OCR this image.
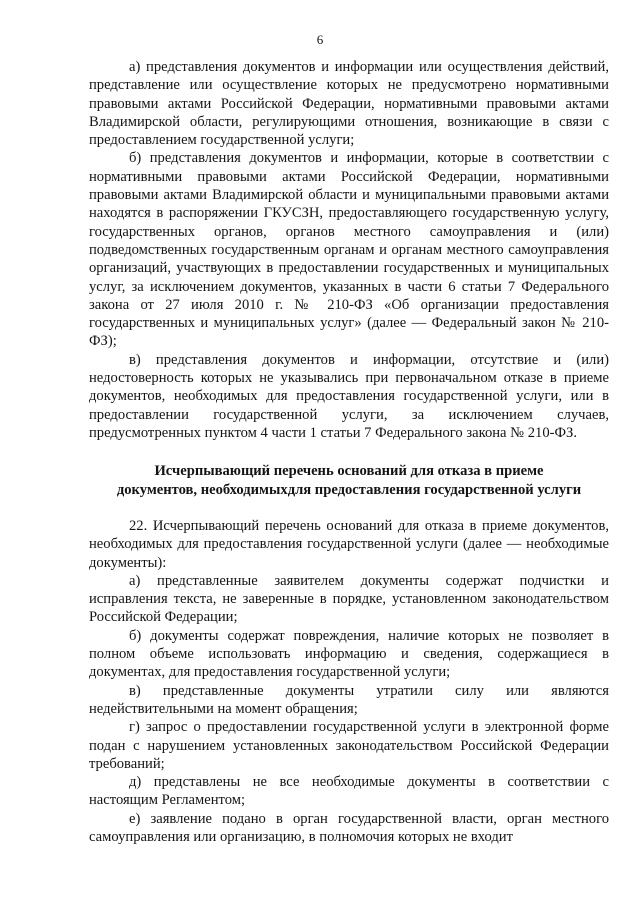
6

а) представления документов и информации или осуществления действий, представление или осуществление которых не предусмотрено нормативными правовыми актами Российской Федерации, нормативными правовыми актами Владимирской области, регулирующими отношения, возникающие в связи с предоставлением государственной услуги;

б) представления документов и информации, которые в соответствии с нормативными правовыми актами Российской Федерации, нормативными правовыми актами Владимирской области и муниципальными правовыми актами находятся в распоряжении ГКУСЗН, предоставляющего государственную услугу, государственных органов, органов местного самоуправления и (или) подведомственных государственным органам и органам местного самоуправления организаций, участвующих в предоставлении государственных и муниципальных услуг, за исключением документов, указанных в части 6 статьи 7 Федерального закона от 27 июля 2010 г. № 210-ФЗ «Об организации предоставления государственных и муниципальных услуг» (далее — Федеральный закон № 210-ФЗ);

в) представления документов и информации, отсутствие и (или) недостоверность которых не указывались при первоначальном отказе в приеме документов, необходимых для предоставления государственной услуги, или в предоставлении государственной услуги, за исключением случаев, предусмотренных пунктом 4 части 1 статьи 7 Федерального закона № 210-ФЗ.

Исчерпывающий перечень оснований для отказа в приеме
документов, необходимыхдля предоставления государственной услуги

22. Исчерпывающий перечень оснований для отказа в приеме документов, необходимых для предоставления государственной услуги (далее — необходимые документы):

а) представленные заявителем документы содержат подчистки и исправления текста, не заверенные в порядке, установленном законодательством Российской Федерации;

б) документы содержат повреждения, наличие которых не позволяет в полном объеме использовать информацию и сведения, содержащиеся в документах, для предоставления государственной услуги;

в) представленные документы утратили силу или являются недействительными на момент обращения;

г) запрос о предоставлении государственной услуги в электронной форме подан с нарушением установленных законодательством Российской Федерации требований;

д) представлены не все необходимые документы в соответствии с настоящим Регламентом;

е) заявление подано в орган государственной власти, орган местного самоуправления или организацию, в полномочия которых не входит
